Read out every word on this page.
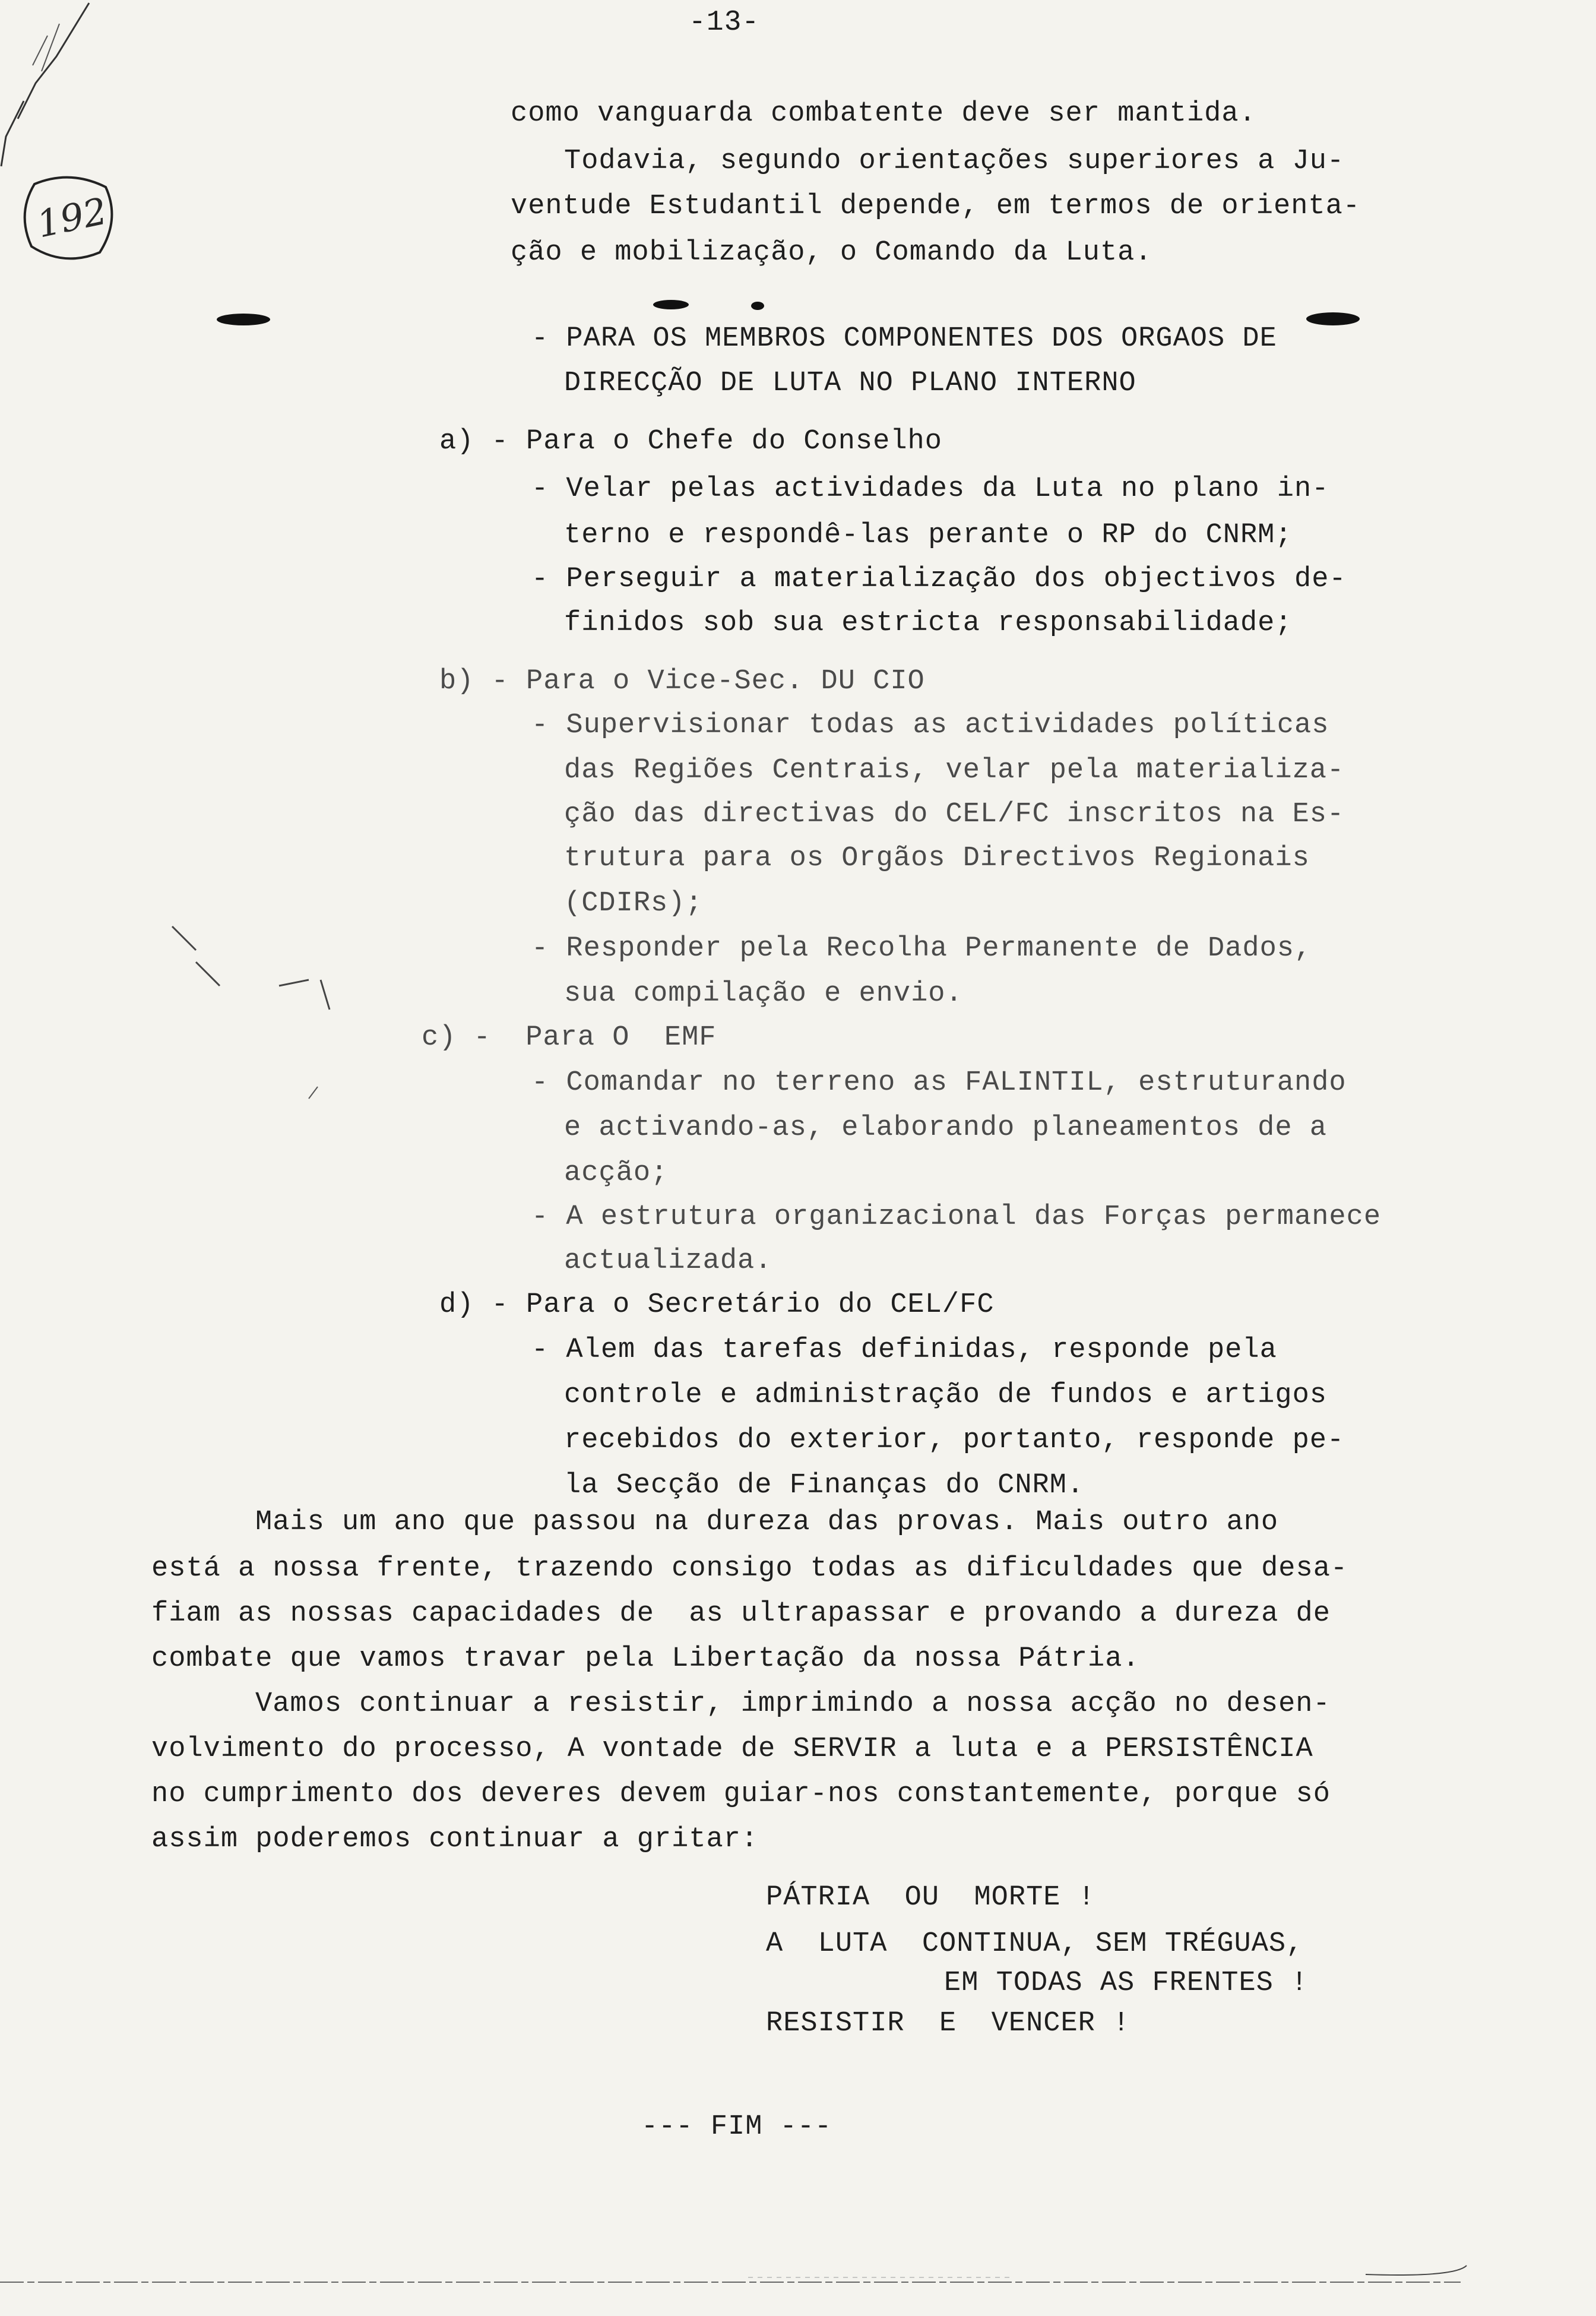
192
-13-
como vanguarda combatente deve ser mantida.
Todavia, segundo orientações superiores a Ju-
ventude Estudantil depende, em termos de orienta-
ção e mobilização, o Comando da Luta.
- PARA OS MEMBROS COMPONENTES DOS ORGAOS DE
DIRECÇÃO DE LUTA NO PLANO INTERNO
a) - Para o Chefe do Conselho
- Velar pelas actividades da Luta no plano in-
terno e respondê-las perante o RP do CNRM;
- Perseguir a materialização dos objectivos de-
finidos sob sua estricta responsabilidade;
b) - Para o Vice-Sec. DU CIO
- Supervisionar todas as actividades políticas
das Regiões Centrais, velar pela materializa-
ção das directivas do CEL/FC inscritos na Es-
trutura para os Orgãos Directivos Regionais
(CDIRs);
- Responder pela Recolha Permanente de Dados,
sua compilação e envio.
c) -  Para O  EMF
- Comandar no terreno as FALINTIL, estruturando
e activando-as, elaborando planeamentos de a
acção;
- A estrutura organizacional das Forças permanece
actualizada.
d) - Para o Secretário do CEL/FC
- Alem das tarefas definidas, responde pela
controle e administração de fundos e artigos
recebidos do exterior, portanto, responde pe-
la Secção de Finanças do CNRM.
Mais um ano que passou na dureza das provas. Mais outro ano
está a nossa frente, trazendo consigo todas as dificuldades que desa-
fiam as nossas capacidades de  as ultrapassar e provando a dureza de
combate que vamos travar pela Libertação da nossa Pátria.
Vamos continuar a resistir, imprimindo a nossa acção no desen-
volvimento do processo, A vontade de SERVIR a luta e a PERSISTÊNCIA
no cumprimento dos deveres devem guiar-nos constantemente, porque só
assim poderemos continuar a gritar:
PÁTRIA  OU  MORTE !
A  LUTA  CONTINUA, SEM TRÉGUAS,
EM TODAS AS FRENTES !
RESISTIR  E  VENCER !
--- FIM ---
